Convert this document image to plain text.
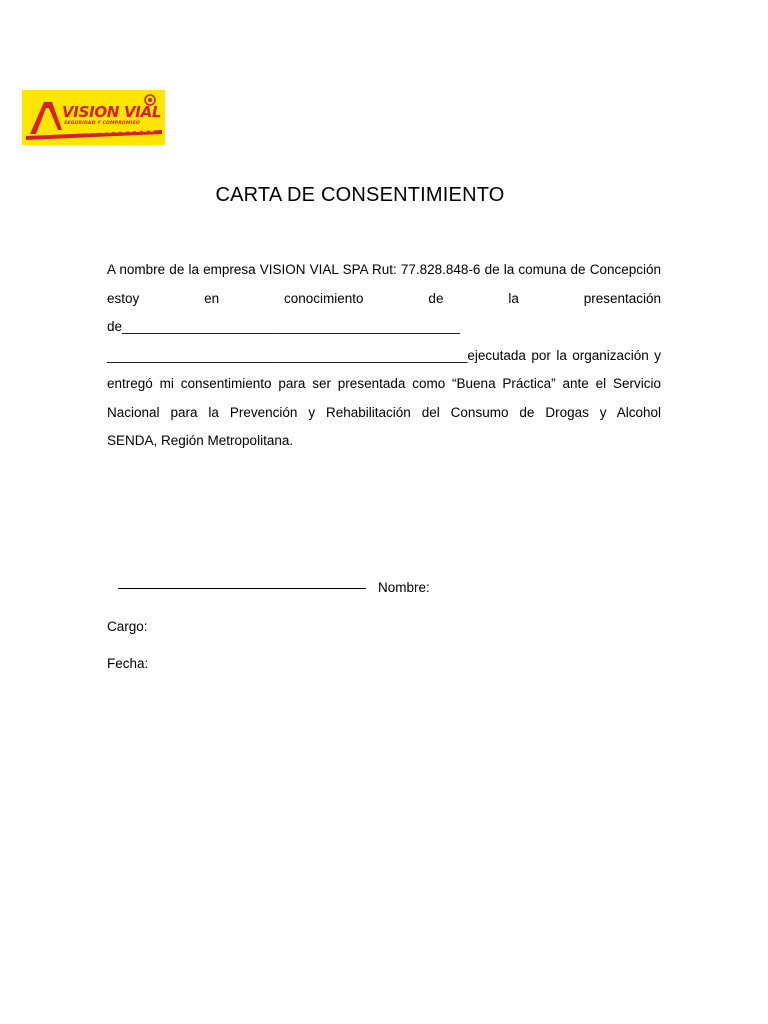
VISION VIAL
SEGURIDAD Y COMPROMISO
CARTA DE CONSENTIMIENTO
A nombre de la empresa VISION VIAL SPA Rut: 77.828.848-6 de la comuna de Concepción
estoy en conocimiento de la presentación
de_____________________________________________
________________________________________________ejecutada por la organización y
entregó mi consentimiento para ser presentada como “Buena Práctica” ante el Servicio
Nacional para la Prevención y Rehabilitación del Consumo de Drogas y Alcohol
SENDA, Región Metropolitana.
Nombre:
Cargo:
Fecha:
